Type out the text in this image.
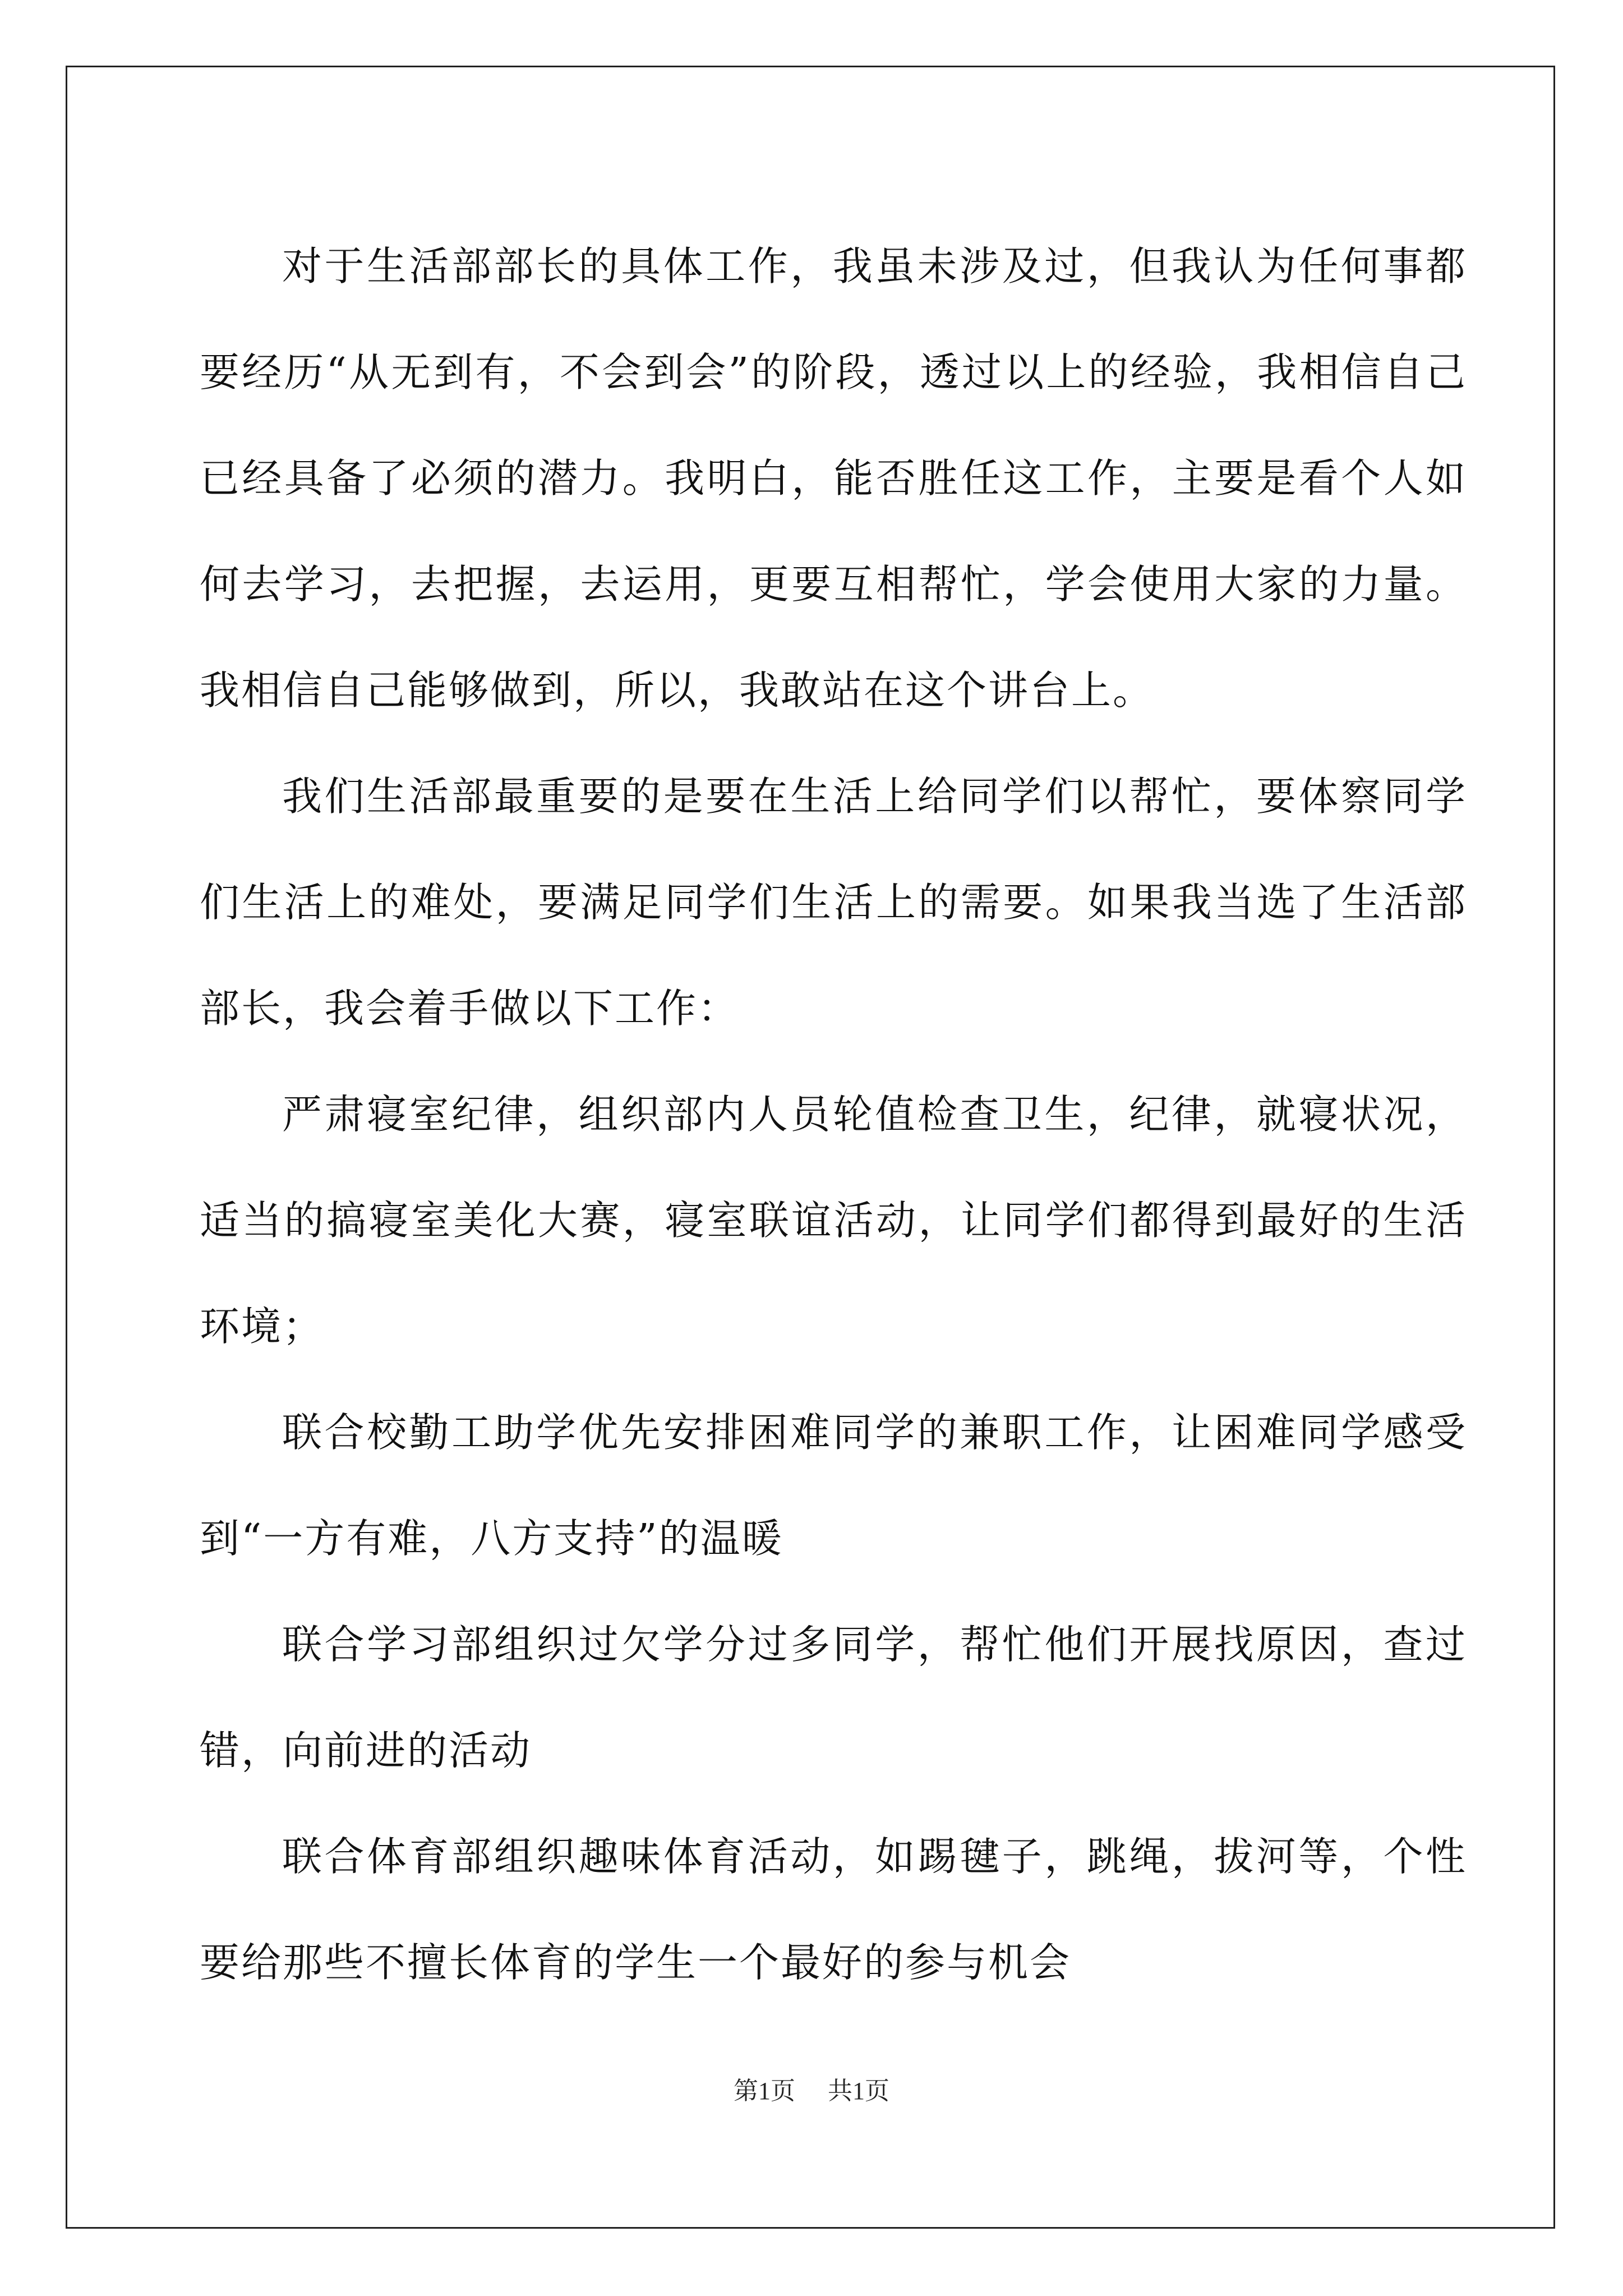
对于生活部部长的具体工作，我虽未涉及过，但我认为任何事都要经历“从无到有，不会到会”的阶段，透过以上的经验，我相信自己已经具备了必须的潜力。我明白，能否胜任这工作，主要是看个人如何去学习，去把握，去运用，更要互相帮忙，学会使用大家的力量。我相信自己能够做到，所以，我敢站在这个讲台上。

我们生活部最重要的是要在生活上给同学们以帮忙，要体察同学们生活上的难处，要满足同学们生活上的需要。如果我当选了生活部部长，我会着手做以下工作：

严肃寝室纪律，组织部内人员轮值检查卫生，纪律，就寝状况，适当的搞寝室美化大赛，寝室联谊活动，让同学们都得到最好的生活环境；

联合校勤工助学优先安排困难同学的兼职工作，让困难同学感受到“一方有难，八方支持”的温暖

联合学习部组织过欠学分过多同学，帮忙他们开展找原因，查过错，向前进的活动

联合体育部组织趣味体育活动，如踢毽子，跳绳，拔河等，个性要给那些不擅长体育的学生一个最好的参与机会

第1页 共1页
